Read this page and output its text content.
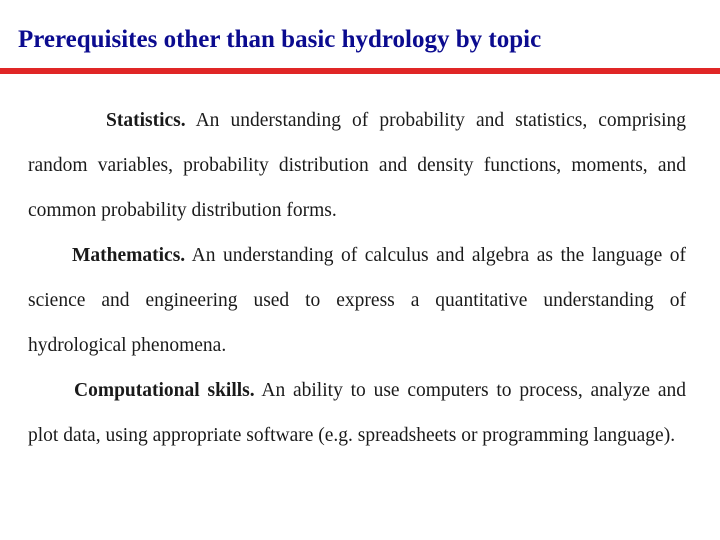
Prerequisites other than basic hydrology by topic

Statistics. An understanding of probability and statistics, comprising random variables, probability distribution and density functions, moments, and common probability distribution forms.

Mathematics. An understanding of calculus and algebra as the language of science and engineering used to express a quantitative understanding of hydrological phenomena.

Computational skills. An ability to use computers to process, analyze and plot data, using appropriate software (e.g. spreadsheets or programming language).
